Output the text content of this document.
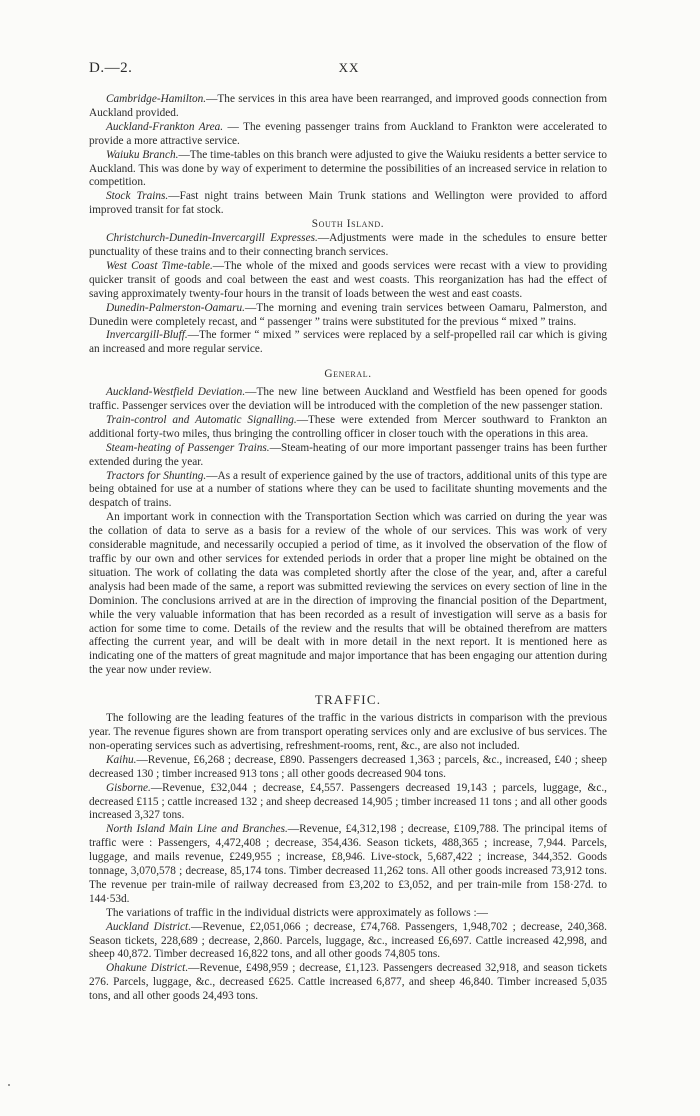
D.—2.	XX

Cambridge-Hamilton.—The services in this area have been rearranged, and improved goods connection from Auckland provided.

Auckland-Frankton Area. — The evening passenger trains from Auckland to Frankton were accelerated to provide a more attractive service.

Waiuku Branch.—The time-tables on this branch were adjusted to give the Waiuku residents a better service to Auckland. This was done by way of experiment to determine the possibilities of an increased service in relation to competition.

Stock Trains.—Fast night trains between Main Trunk stations and Wellington were provided to afford improved transit for fat stock.

South Island.

Christchurch-Dunedin-Invercargill Expresses.—Adjustments were made in the schedules to ensure better punctuality of these trains and to their connecting branch services.

West Coast Time-table.—The whole of the mixed and goods services were recast with a view to providing quicker transit of goods and coal between the east and west coasts. This reorganization has had the effect of saving approximately twenty-four hours in the transit of loads between the west and east coasts.

Dunedin-Palmerston-Oamaru.—The morning and evening train services between Oamaru, Palmerston, and Dunedin were completely recast, and “ passenger ” trains were substituted for the previous “ mixed ” trains.

Invercargill-Bluff.—The former “ mixed ” services were replaced by a self-propelled rail car which is giving an increased and more regular service.

General.

Auckland-Westfield Deviation.—The new line between Auckland and Westfield has been opened for goods traffic. Passenger services over the deviation will be introduced with the completion of the new passenger station.

Train-control and Automatic Signalling.—These were extended from Mercer southward to Frankton an additional forty-two miles, thus bringing the controlling officer in closer touch with the operations in this area.

Steam-heating of Passenger Trains.—Steam-heating of our more important passenger trains has been further extended during the year.

Tractors for Shunting.—As a result of experience gained by the use of tractors, additional units of this type are being obtained for use at a number of stations where they can be used to facilitate shunting movements and the despatch of trains.

An important work in connection with the Transportation Section which was carried on during the year was the collation of data to serve as a basis for a review of the whole of our services. This was work of very considerable magnitude, and necessarily occupied a period of time, as it involved the observation of the flow of traffic by our own and other services for extended periods in order that a proper line might be obtained on the situation. The work of collating the data was completed shortly after the close of the year, and, after a careful analysis had been made of the same, a report was submitted reviewing the services on every section of line in the Dominion. The conclusions arrived at are in the direction of improving the financial position of the Department, while the very valuable information that has been recorded as a result of investigation will serve as a basis for action for some time to come. Details of the review and the results that will be obtained therefrom are matters affecting the current year, and will be dealt with in more detail in the next report. It is mentioned here as indicating one of the matters of great magnitude and major importance that has been engaging our attention during the year now under review.

TRAFFIC.

The following are the leading features of the traffic in the various districts in comparison with the previous year. The revenue figures shown are from transport operating services only and are exclusive of bus services. The non-operating services such as advertising, refreshment-rooms, rent, &c., are also not included.

Kaihu.—Revenue, £6,268 ; decrease, £890. Passengers decreased 1,363 ; parcels, &c., increased, £40 ; sheep decreased 130 ; timber increased 913 tons ; all other goods decreased 904 tons.

Gisborne.—Revenue, £32,044 ; decrease, £4,557. Passengers decreased 19,143 ; parcels, luggage, &c., decreased £115 ; cattle increased 132 ; and sheep decreased 14,905 ; timber increased 11 tons ; and all other goods increased 3,327 tons.

North Island Main Line and Branches.—Revenue, £4,312,198 ; decrease, £109,788. The principal items of traffic were : Passengers, 4,472,408 ; decrease, 354,436. Season tickets, 488,365 ; increase, 7,944. Parcels, luggage, and mails revenue, £249,955 ; increase, £8,946. Live-stock, 5,687,422 ; increase, 344,352. Goods tonnage, 3,070,578 ; decrease, 85,174 tons. Timber decreased 11,262 tons. All other goods increased 73,912 tons. The revenue per train-mile of railway decreased from £3,202 to £3,052, and per train-mile from 158·27d. to 144·53d.

The variations of traffic in the individual districts were approximately as follows :—

Auckland District.—Revenue, £2,051,066 ; decrease, £74,768. Passengers, 1,948,702 ; decrease, 240,368. Season tickets, 228,689 ; decrease, 2,860. Parcels, luggage, &c., increased £6,697. Cattle increased 42,998, and sheep 40,872. Timber decreased 16,822 tons, and all other goods 74,805 tons.

Ohakune District.—Revenue, £498,959 ; decrease, £1,123. Passengers decreased 32,918, and season tickets 276. Parcels, luggage, &c., decreased £625. Cattle increased 6,877, and sheep 46,840. Timber increased 5,035 tons, and all other goods 24,493 tons.
